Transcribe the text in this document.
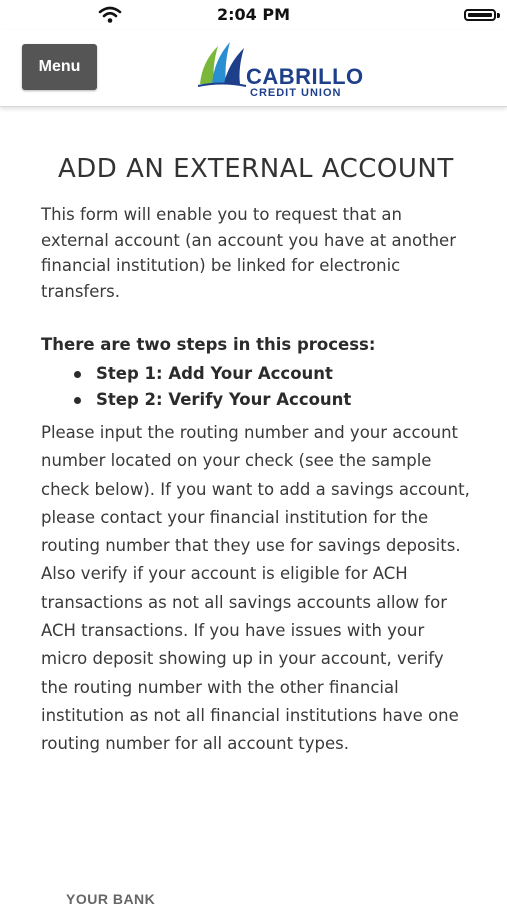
2:04 PM
Menu	CABRILLO
CREDIT UNION
ADD AN EXTERNAL ACCOUNT

This form will enable you to request that an external account (an account you have at another financial institution) be linked for electronic transfers.

There are two steps in this process:

Step 1: Add Your Account
Step 2: Verify Your Account

Please input the routing number and your account number located on your check (see the sample check below). If you want to add a savings account, please contact your financial institution for the routing number that they use for savings deposits. Also verify if your account is eligible for ACH transactions as not all savings accounts allow for ACH transactions. If you have issues with your micro deposit showing up in your account, verify the routing number with the other financial institution as not all financial institutions have one routing number for all account types.

YOUR BANK
